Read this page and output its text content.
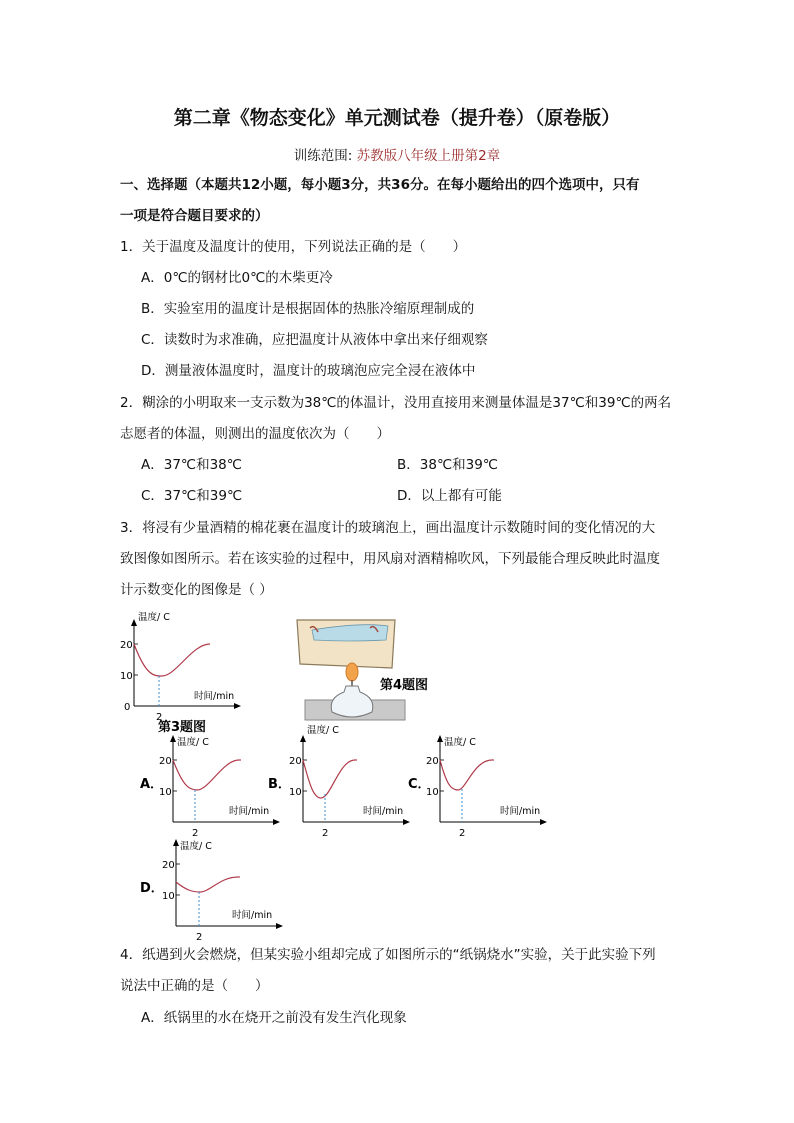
第二章《物态变化》单元测试卷（提升卷）（原卷版）
训练范围: 苏教版八年级上册第2章
一、选择题（本题共12小题，每小题3分，共36分。在每小题给出的四个选项中，只有
一项是符合题目要求的）
1．关于温度及温度计的使用，下列说法正确的是（　　）
A．0℃的钢材比0℃的木柴更冷
B．实验室用的温度计是根据固体的热胀冷缩原理制成的
C．读数时为求准确，应把温度计从液体中拿出来仔细观察
D．测量液体温度时，温度计的玻璃泡应完全浸在液体中
2．糊涂的小明取来一支示数为38℃的体温计，没用直接用来测量体温是37℃和39℃的两名
志愿者的体温，则测出的温度依次为（　　）
A．37℃和38℃	B．38℃和39℃
C．37℃和39℃	D．以上都有可能
3．将浸有少量酒精的棉花裹在温度计的玻璃泡上，画出温度计示数随时间的变化情况的大
致图像如图所示。若在该实验的过程中，用风扇对酒精棉吹风，下列最能合理反映此时温度
计示数变化的图像是（ ）
10
20
0
2
温度/ C
时间/min
第3题图
第4题图
A．
10
20
2
温度/ C
时间/min
B．
10
20
2
温度/ C
时间/min
C．
10
20
2
温度/ C
时间/min
D．
10
20
2
温度/ C
时间/min
4．纸遇到火会燃烧，但某实验小组却完成了如图所示的“纸锅烧水”实验，关于此实验下列
说法中正确的是（　　）
A．纸锅里的水在烧开之前没有发生汽化现象
